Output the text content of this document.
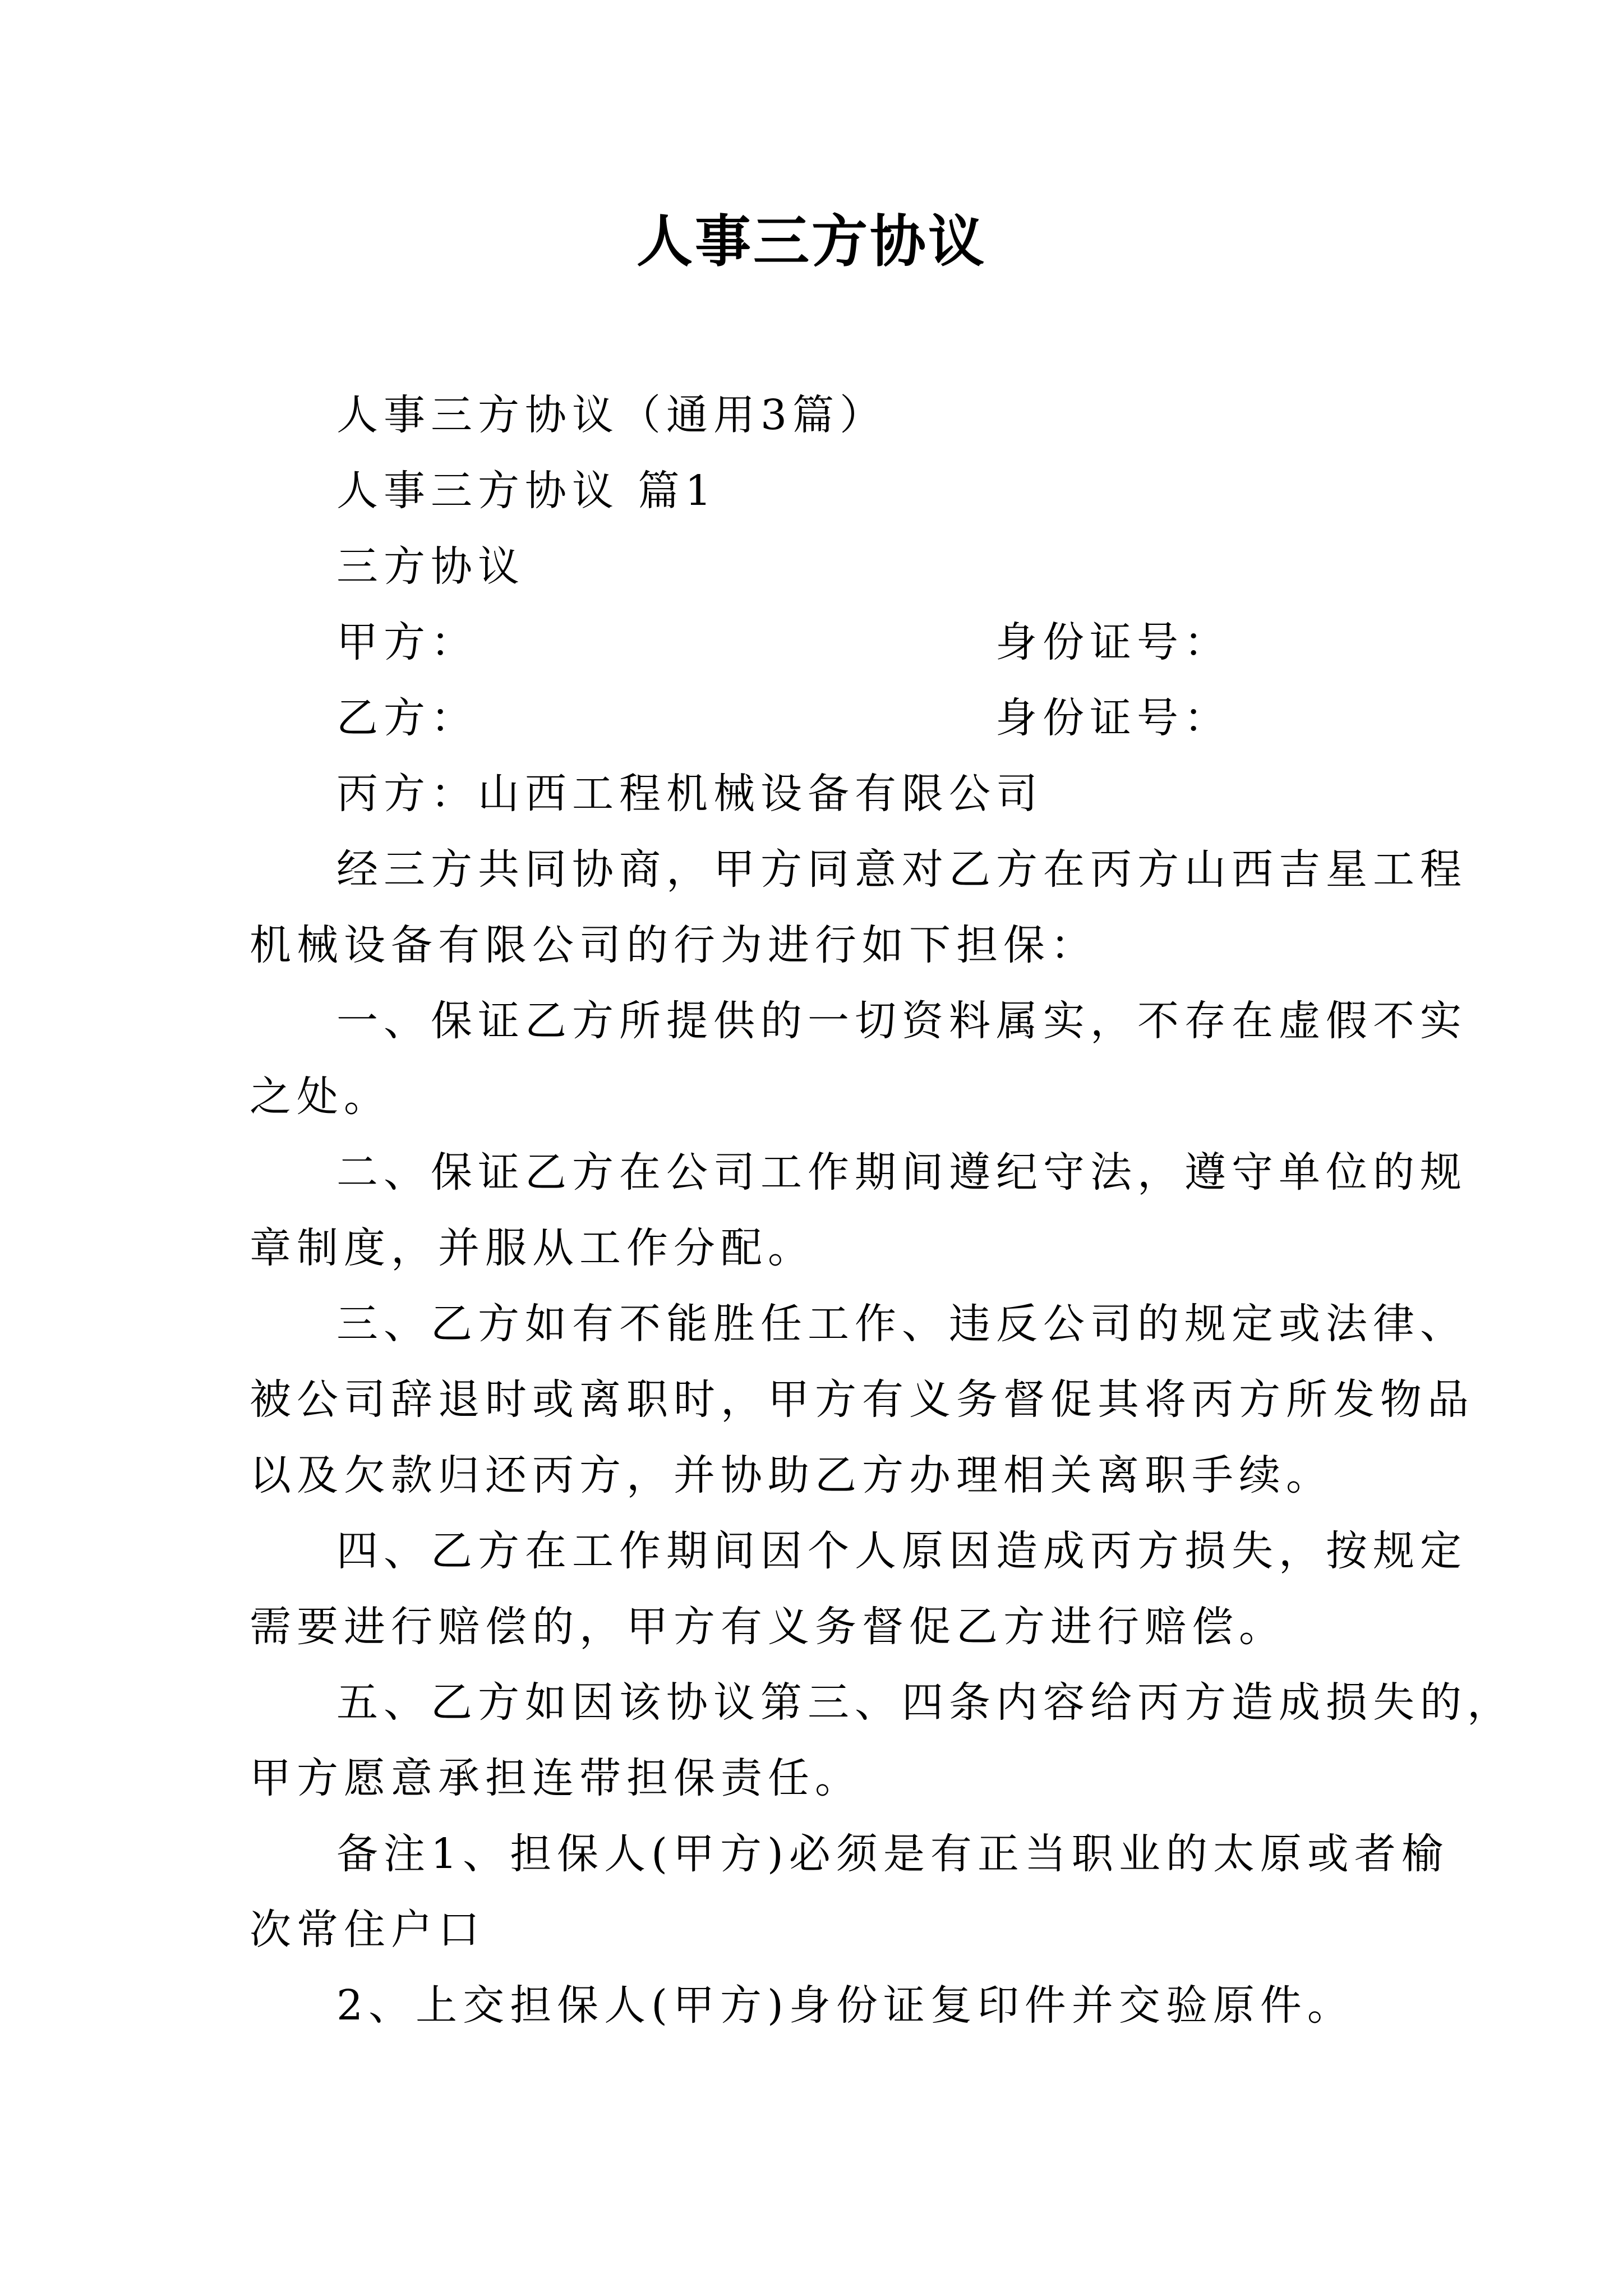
人事三方协议
人事三方协议（通用3篇）
人事三方协议 篇1
三方协议
甲方：	身份证号：
乙方：	身份证号：
丙方：山西工程机械设备有限公司
经三方共同协商，甲方同意对乙方在丙方山西吉星工程
机械设备有限公司的行为进行如下担保：
一、保证乙方所提供的一切资料属实，不存在虚假不实
之处。
二、保证乙方在公司工作期间遵纪守法，遵守单位的规
章制度，并服从工作分配。
三、乙方如有不能胜任工作、违反公司的规定或法律、
被公司辞退时或离职时，甲方有义务督促其将丙方所发物品
以及欠款归还丙方，并协助乙方办理相关离职手续。
四、乙方在工作期间因个人原因造成丙方损失，按规定
需要进行赔偿的，甲方有义务督促乙方进行赔偿。
五、乙方如因该协议第三、四条内容给丙方造成损失的，
甲方愿意承担连带担保责任。
备注1、担保人(甲方)必须是有正当职业的太原或者榆
次常住户口
2、上交担保人(甲方)身份证复印件并交验原件。
